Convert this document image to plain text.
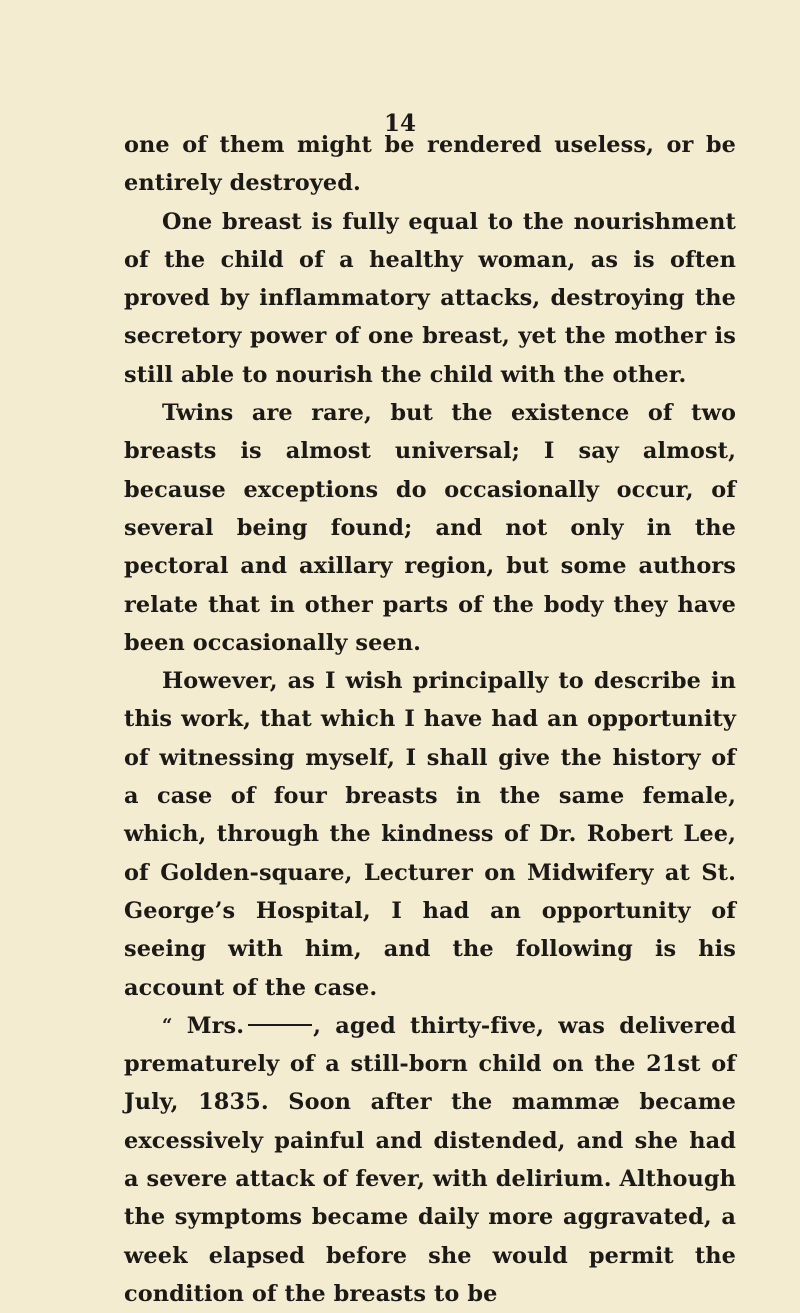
14

one of them might be rendered useless, or be entirely destroyed.

One breast is fully equal to the nourishment of the child of a healthy woman, as is often proved by inflammatory attacks, destroying the secretory power of one breast, yet the mother is still able to nourish the child with the other.

Twins are rare, but the existence of two breasts is almost universal; I say almost, because exceptions do occasionally occur, of several being found; and not only in the pectoral and axillary region, but some authors relate that in other parts of the body they have been occasionally seen.

However, as I wish principally to describe in this work, that which I have had an opportunity of witnessing myself, I shall give the history of a case of four breasts in the same female, which, through the kindness of Dr. Robert Lee, of Golden-square, Lecturer on Midwifery at St. George’s Hospital, I had an opportunity of seeing with him, and the following is his account of the case.

“ Mrs.	, aged thirty-five, was delivered prematurely of a still-born child on the 21st of July, 1835. Soon after the mammæ became excessively painful and distended, and she had a severe attack of fever, with delirium. Although the symptoms became daily more aggravated, a week elapsed before she would permit the condition of the breasts to be
